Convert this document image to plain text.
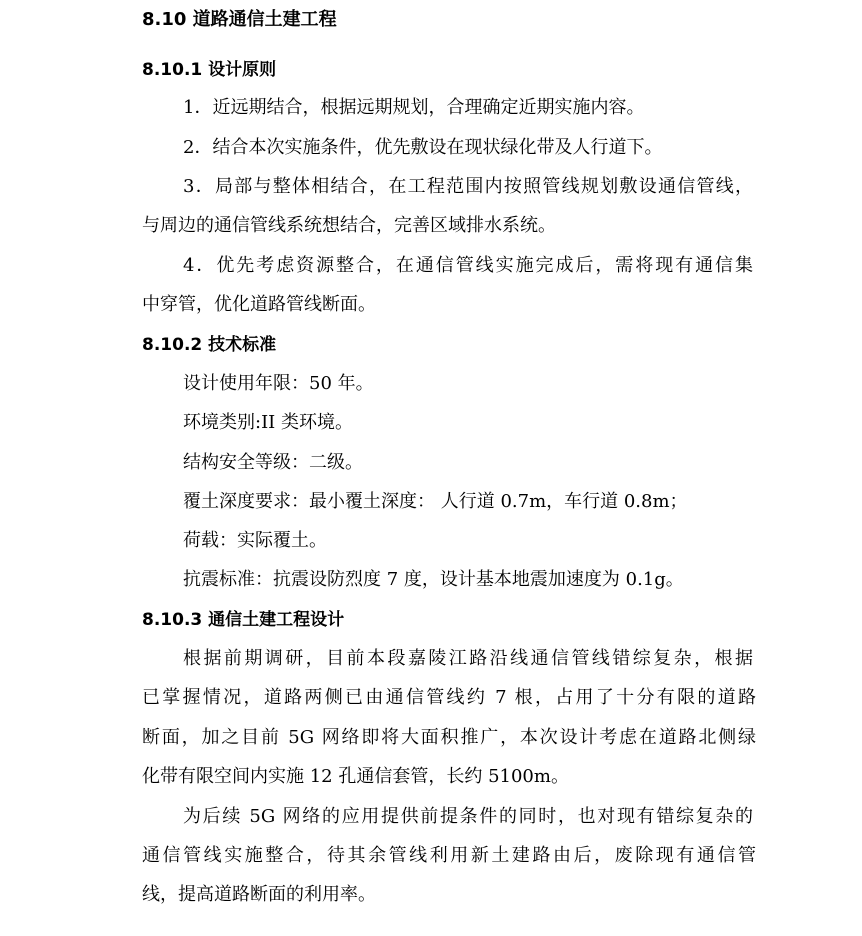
8.10 道路通信土建工程
8.10.1 设计原则
1．近远期结合，根据远期规划，合理确定近期实施内容。
2．结合本次实施条件，优先敷设在现状绿化带及人行道下。
3．局部与整体相结合，在工程范围内按照管线规划敷设通信管线，
与周边的通信管线系统想结合，完善区域排水系统。
4．优先考虑资源整合，在通信管线实施完成后，需将现有通信集
中穿管，优化道路管线断面。
8.10.2 技术标准
设计使用年限：50 年。
环境类别:II 类环境。
结构安全等级：二级。
覆土深度要求：最小覆土深度： 人行道 0.7m，车行道 0.8m；
荷载：实际覆土。
抗震标准：抗震设防烈度 7 度，设计基本地震加速度为 0.1g。
8.10.3 通信土建工程设计
根据前期调研，目前本段嘉陵江路沿线通信管线错综复杂，根据
已掌握情况，道路两侧已由通信管线约 7 根，占用了十分有限的道路
断面，加之目前 5G 网络即将大面积推广，本次设计考虑在道路北侧绿
化带有限空间内实施 12 孔通信套管，长约 5100m。
为后续 5G 网络的应用提供前提条件的同时，也对现有错综复杂的
通信管线实施整合，待其余管线利用新土建路由后，废除现有通信管
线，提高道路断面的利用率。
